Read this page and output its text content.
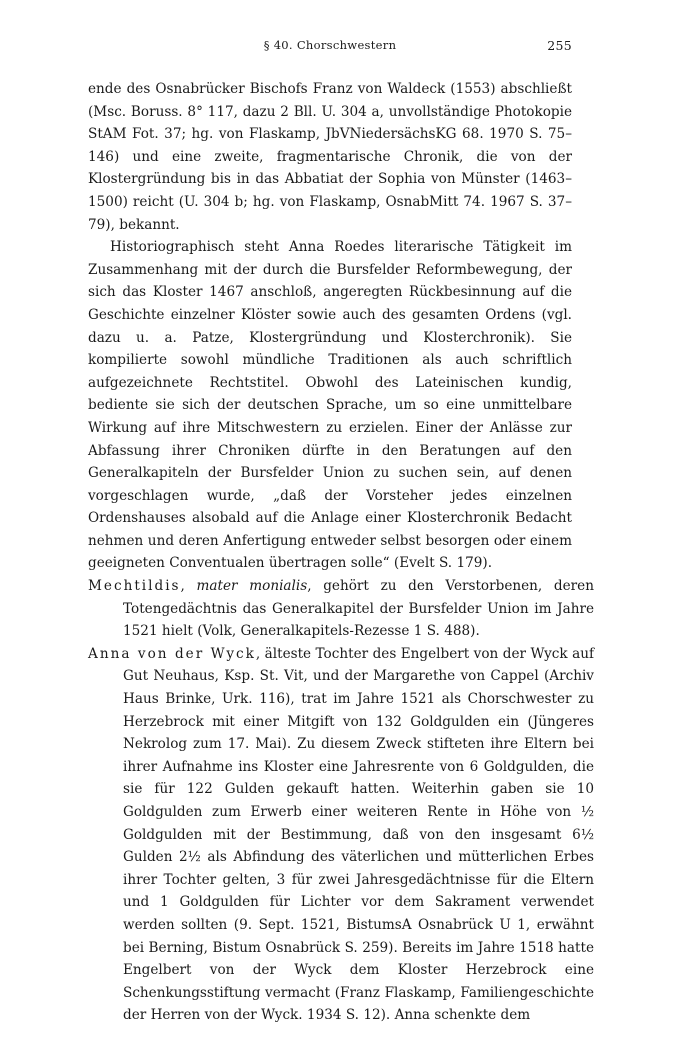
§ 40. Chorschwestern	255

ende des Osnabrücker Bischofs Franz von Waldeck (1553) abschließt (Msc. Boruss. 8° 117, dazu 2 Bll. U. 304 a, unvollständige Photokopie StAM Fot. 37; hg. von Flaskamp, JbVNiedersächsKG 68. 1970 S. 75–146) und eine zweite, fragmentarische Chronik, die von der Klostergründung bis in das Abbatiat der Sophia von Münster (1463–1500) reicht (U. 304 b; hg. von Flaskamp, OsnabMitt 74. 1967 S. 37–79), bekannt.

Historiographisch steht Anna Roedes literarische Tätigkeit im Zusammenhang mit der durch die Bursfelder Reformbewegung, der sich das Kloster 1467 anschloß, angeregten Rückbesinnung auf die Geschichte einzelner Klöster sowie auch des gesamten Ordens (vgl. dazu u. a. Patze, Klostergründung und Klosterchronik). Sie kompilierte sowohl mündliche Traditionen als auch schriftlich aufgezeichnete Rechtstitel. Obwohl des Lateinischen kundig, bediente sie sich der deutschen Sprache, um so eine unmittelbare Wirkung auf ihre Mitschwestern zu erzielen. Einer der Anlässe zur Abfassung ihrer Chroniken dürfte in den Beratungen auf den Generalkapiteln der Bursfelder Union zu suchen sein, auf denen vorgeschlagen wurde, „daß der Vorsteher jedes einzelnen Ordenshauses alsobald auf die Anlage einer Klosterchronik Bedacht nehmen und deren Anfertigung entweder selbst besorgen oder einem geeigneten Conventualen übertragen solle“ (Evelt S. 179).

Mechtildis, mater monialis, gehört zu den Verstorbenen, deren Totengedächtnis das Generalkapitel der Bursfelder Union im Jahre 1521 hielt (Volk, Generalkapitels-Rezesse 1 S. 488).

Anna von der Wyck, älteste Tochter des Engelbert von der Wyck auf Gut Neuhaus, Ksp. St. Vit, und der Margarethe von Cappel (Archiv Haus Brinke, Urk. 116), trat im Jahre 1521 als Chorschwester zu Herzebrock mit einer Mitgift von 132 Goldgulden ein (Jüngeres Nekrolog zum 17. Mai). Zu diesem Zweck stifteten ihre Eltern bei ihrer Aufnahme ins Kloster eine Jahresrente von 6 Goldgulden, die sie für 122 Gulden gekauft hatten. Weiterhin gaben sie 10 Goldgulden zum Erwerb einer weiteren Rente in Höhe von ½ Goldgulden mit der Bestimmung, daß von den insgesamt 6½ Gulden 2½ als Abfindung des väterlichen und mütterlichen Erbes ihrer Tochter gelten, 3 für zwei Jahresgedächtnisse für die Eltern und 1 Goldgulden für Lichter vor dem Sakrament verwendet werden sollten (9. Sept. 1521, BistumsA Osnabrück U 1, erwähnt bei Berning, Bistum Osnabrück S. 259). Bereits im Jahre 1518 hatte Engelbert von der Wyck dem Kloster Herzebrock eine Schenkungsstiftung vermacht (Franz Flaskamp, Familiengeschichte der Herren von der Wyck. 1934 S. 12). Anna schenkte dem
